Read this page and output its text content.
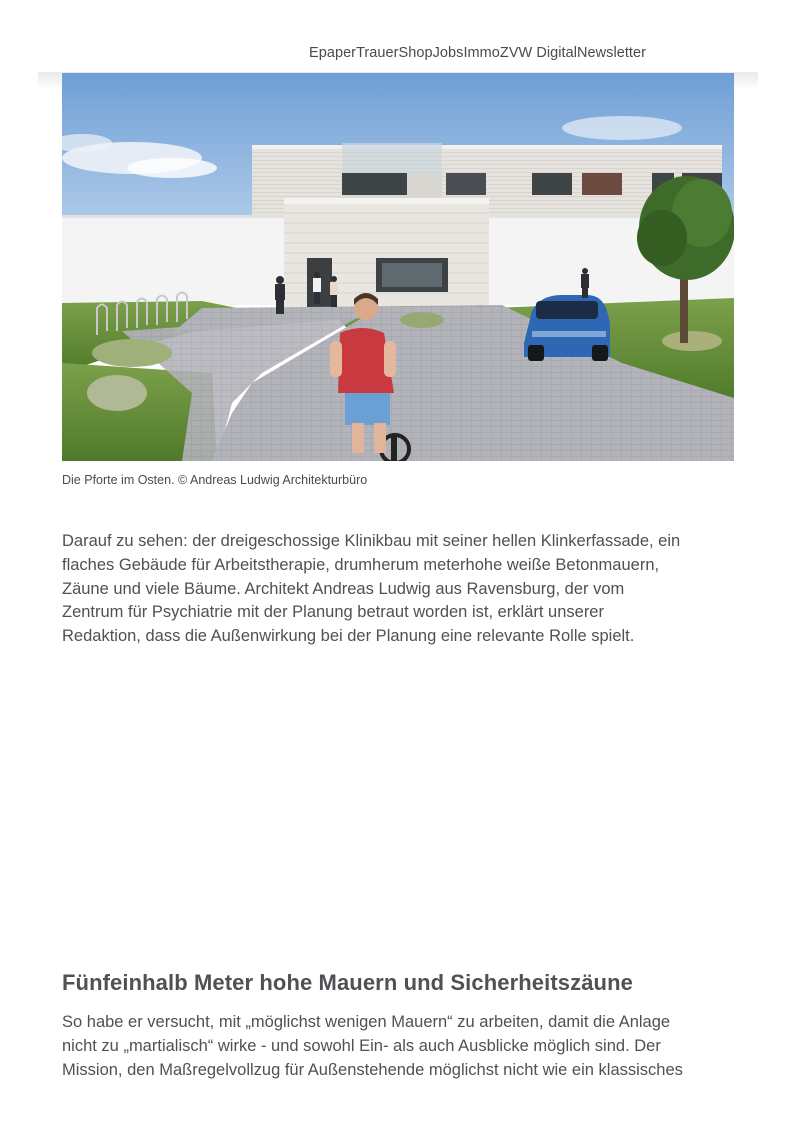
EpaperTrauerShopJobsImmoZVW DigitalNewsletter
Die Pforte im Osten. © Andreas Ludwig Architekturbüro

Darauf zu sehen: der dreigeschossige Klinikbau mit seiner hellen Klinkerfassade, ein
flaches Gebäude für Arbeitstherapie, drumherum meterhohe weiße Betonmauern,
Zäune und viele Bäume. Architekt Andreas Ludwig aus Ravensburg, der vom
Zentrum für Psychiatrie mit der Planung betraut worden ist, erklärt unserer
Redaktion, dass die Außenwirkung bei der Planung eine relevante Rolle spielt.

Fünfeinhalb Meter hohe Mauern und Sicherheitszäune

So habe er versucht, mit „möglichst wenigen Mauern“ zu arbeiten, damit die Anlage
nicht zu „martialisch“ wirke - und sowohl Ein- als auch Ausblicke möglich sind. Der
Mission, den Maßregelvollzug für Außenstehende möglichst nicht wie ein klassisches
